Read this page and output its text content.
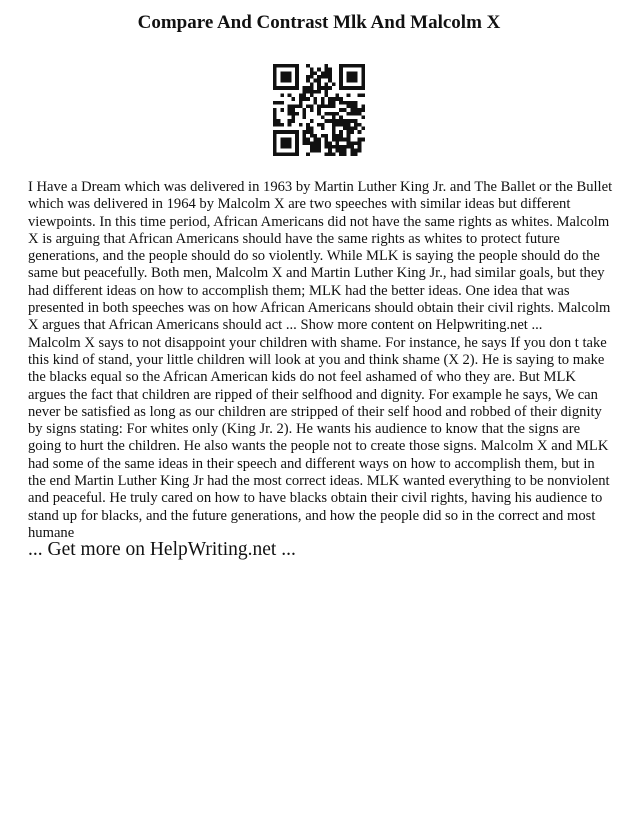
Compare And Contrast Mlk And Malcolm X

I Have a Dream which was delivered in 1963 by Martin Luther King Jr. and The Ballet or the Bullet which was delivered in 1964 by Malcolm X are two speeches with similar ideas but different viewpoints. In this time period, African Americans did not have the same rights as whites. Malcolm X is arguing that African Americans should have the same rights as whites to protect future generations, and the people should do so violently. While MLK is saying the people should do the same but peacefully. Both men, Malcolm X and Martin Luther King Jr., had similar goals, but they had different ideas on how to accomplish them; MLK had the better ideas. One idea that was presented in both speeches was on how African Americans should obtain their civil rights. Malcolm X argues that African Americans should act ... Show more content on Helpwriting.net ...

Malcolm X says to not disappoint your children with shame. For instance, he says If you don t take this kind of stand, your little children will look at you and think shame (X 2). He is saying to make the blacks equal so the African American kids do not feel ashamed of who they are. But MLK argues the fact that children are ripped of their selfhood and dignity. For example he says, We can never be satisfied as long as our children are stripped of their self hood and robbed of their dignity by signs stating: For whites only (King Jr. 2). He wants his audience to know that the signs are going to hurt the children. He also wants the people not to create those signs. Malcolm X and MLK had some of the same ideas in their speech and different ways on how to accomplish them, but in the end Martin Luther King Jr had the most correct ideas. MLK wanted everything to be nonviolent and peaceful. He truly cared on how to have blacks obtain their civil rights, having his audience to stand up for blacks, and the future generations, and how the people did so in the correct and most humane

... Get more on HelpWriting.net ...
